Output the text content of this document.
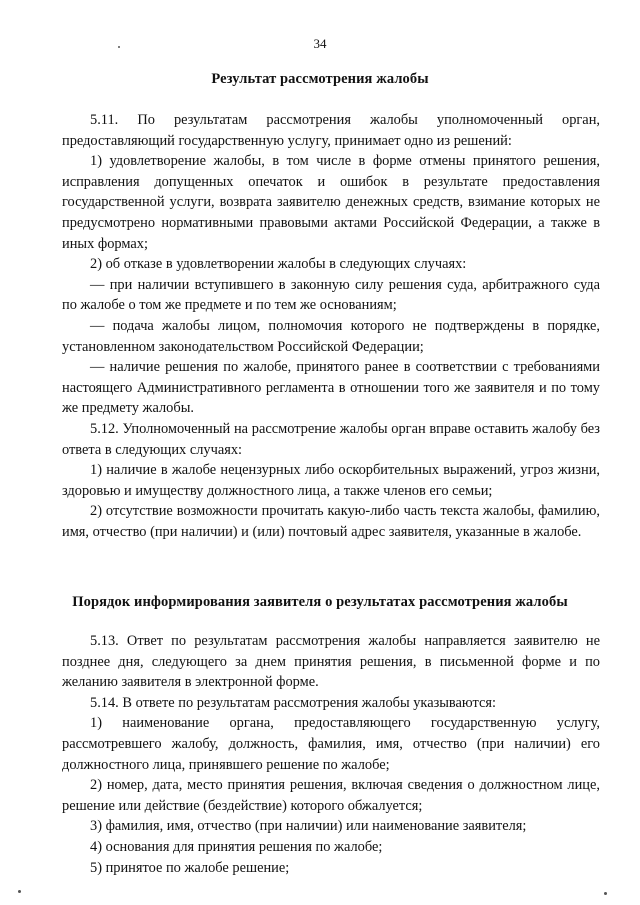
34
Результат рассмотрения жалобы

5.11. По результатам рассмотрения жалобы уполномоченный орган, предоставляющий государственную услугу, принимает одно из решений:

1) удовлетворение жалобы, в том числе в форме отмены принятого решения, исправления допущенных опечаток и ошибок в результате предоставления государственной услуги, возврата заявителю денежных средств, взимание которых не предусмотрено нормативными правовыми актами Российской Федерации, а также в иных формах;

2) об отказе в удовлетворении жалобы в следующих случаях:

— при наличии вступившего в законную силу решения суда, арбитражного суда по жалобе о том же предмете и по тем же основаниям;

— подача жалобы лицом, полномочия которого не подтверждены в порядке, установленном законодательством Российской Федерации;

— наличие решения по жалобе, принятого ранее в соответствии с требованиями настоящего Административного регламента в отношении того же заявителя и по тому же предмету жалобы.

5.12. Уполномоченный на рассмотрение жалобы орган вправе оставить жалобу без ответа в следующих случаях:

1) наличие в жалобе нецензурных либо оскорбительных выражений, угроз жизни, здоровью и имуществу должностного лица, а также членов его семьи;

2) отсутствие возможности прочитать какую-либо часть текста жалобы, фамилию, имя, отчество (при наличии) и (или) почтовый адрес заявителя, указанные в жалобе.

Порядок информирования заявителя о результатах рассмотрения жалобы

5.13. Ответ по результатам рассмотрения жалобы направляется заявителю не позднее дня, следующего за днем принятия решения, в письменной форме и по желанию заявителя в электронной форме.

5.14. В ответе по результатам рассмотрения жалобы указываются:

1) наименование органа, предоставляющего государственную услугу, рассмотревшего жалобу, должность, фамилия, имя, отчество (при наличии) его должностного лица, принявшего решение по жалобе;

2) номер, дата, место принятия решения, включая сведения о должностном лице, решение или действие (бездействие) которого обжалуется;

3) фамилия, имя, отчество (при наличии) или наименование заявителя;

4) основания для принятия решения по жалобе;

5) принятое по жалобе решение;
